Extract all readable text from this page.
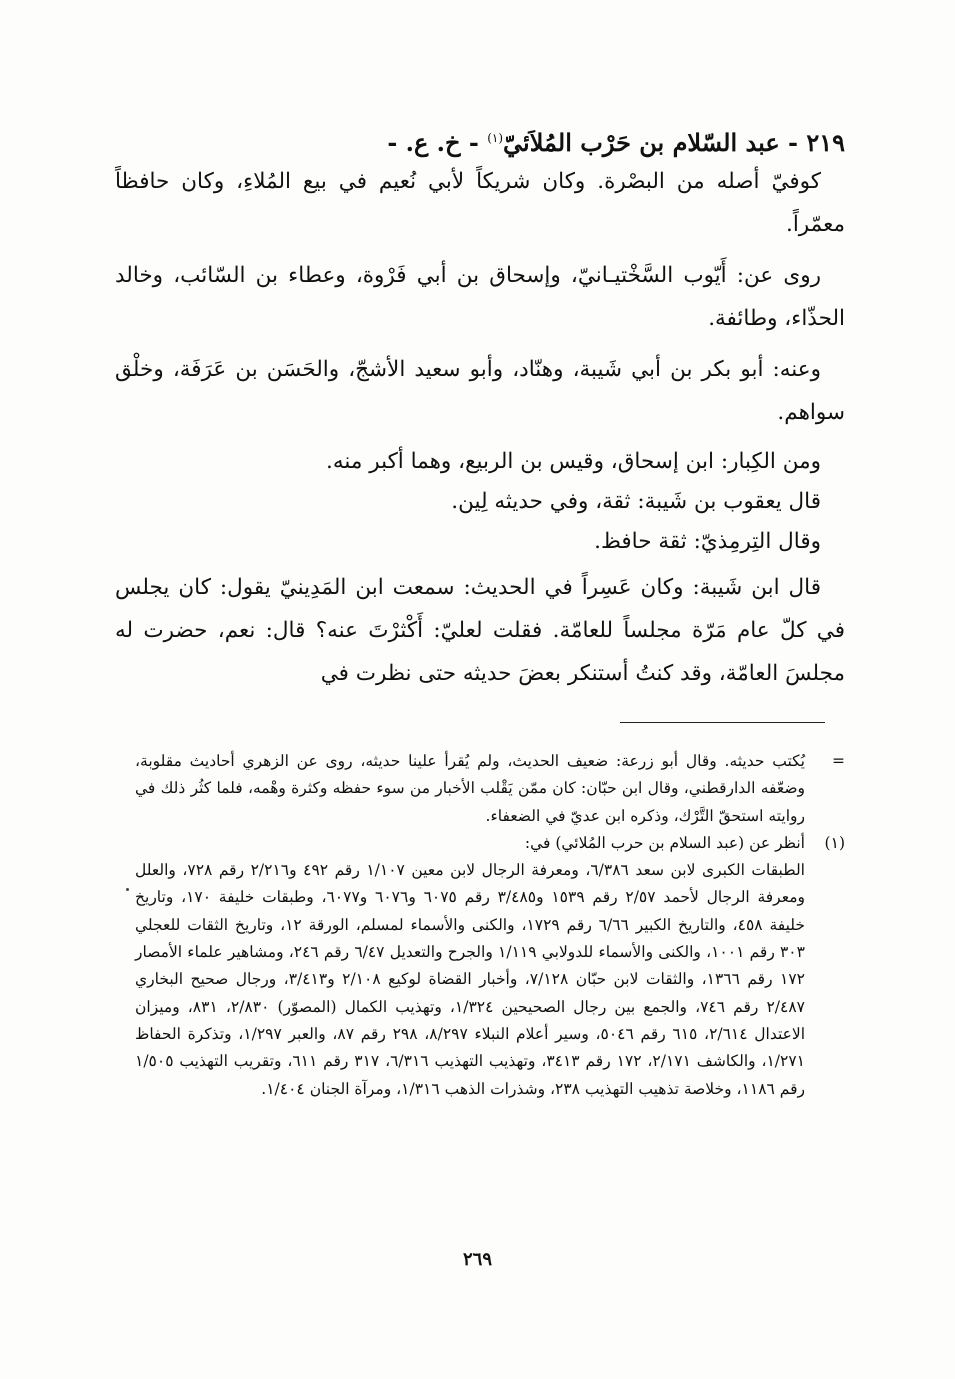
٢١٩ - عبد السّلام بن حَرْب المُلاَئيّ$^{(١)}$ - خ. ع. -

كوفيّ أصله من البصْرة. وكان شريكاً لأبي نُعيم في بيع المُلاءِ، وكان حافظاً معمّراً.

روى عن: أَيّوب السَّخْتيـانيّ، وإسحاق بن أبي فَرْوة، وعطاء بن السّائب، وخالد الحذّاء، وطائفة.

وعنه: أبو بكر بن أبي شَيبة، وهنّاد، وأبو سعيد الأشجّ، والحَسَن بن عَرَفَة، وخلْق سواهم.

ومن الكِبار: ابن إسحاق، وقيس بن الربيع، وهما أكبر منه.
قال يعقوب بن شَيبة: ثقة، وفي حديثه لِين.
وقال التِرمِذيّ: ثقة حافظ.

قال ابن شَيبة: وكان عَسِراً في الحديث: سمعت ابن المَدِينيّ يقول: كان يجلس في كلّ عام مَرّة مجلساً للعامّة. فقلت لعليّ: أَكْثرْتَ عنه؟ قال: نعم، حضرت له مجلسَ العامّة، وقد كنتُ أستنكر بعضَ حديثه حتى نظرت في

=
يُكتب حديثه. وقال أبو زرعة: ضعيف الحديث، ولم يُقرأ علينا حديثه، روى عن الزهري أحاديث مقلوبة، وضعّفه الدارقطني، وقال ابن حبّان: كان ممّن يَقْلب الأخبار من سوء حفظه وكثرة وهْمه، فلما كثُر ذلك في روايته استحقّ التَّرْك، وذكره ابن عديّ في الضعفاء.
(١)
أنظر عن (عبد السلام بن حرب المُلائي) في:
الطبقات الكبرى لابن سعد ٦/٣٨٦، ومعرفة الرجال لابن معين ١/١٠٧ رقم ٤٩٢ و٢/٢١٦ رقم ٧٢٨، والعلل ومعرفة الرجال لأحمد ٢/٥٧ رقم ١٥٣٩ و٣/٤٨٥ رقم ٦٠٧٥ و٦٠٧٦ و٦٠٧٧، وطبقات خليفة ١٧٠، وتاريخ خليفة ٤٥٨، والتاريخ الكبير ٦/٦٦ رقم ١٧٢٩، والكنى والأسماء لمسلم، الورقة ١٢، وتاريخ الثقات للعجلي ٣٠٣ رقم ١٠٠١، والكنى والأسماء للدولابي ١/١١٩ والجرح والتعديل ٦/٤٧ رقم ٢٤٦، ومشاهير علماء الأمصار ١٧٢ رقم ١٣٦٦، والثقات لابن حبّان ٧/١٢٨، وأخبار القضاة لوكيع ٢/١٠٨ و٣/٤١٣، ورجال صحيح البخاري ٢/٤٨٧ رقم ٧٤٦، والجمع بين رجال الصحيحين ١/٣٢٤، وتهذيب الكمال (المصوّر) ٢/٨٣٠، ٨٣١، وميزان الاعتدال ٢/٦١٤، ٦١٥ رقم ٥٠٤٦، وسير أعلام النبلاء ٨/٢٩٧، ٢٩٨ رقم ٨٧، والعبر ١/٢٩٧، وتذكرة الحفاظ ١/٢٧١، والكاشف ٢/١٧١، ١٧٢ رقم ٣٤١٣، وتهذيب التهذيب ٦/٣١٦، ٣١٧ رقم ٦١١، وتقريب التهذيب ١/٥٠٥ رقم ١١٨٦، وخلاصة تذهيب التهذيب ٢٣٨، وشذرات الذهب ١/٣١٦، ومرآة الجنان ١/٤٠٤.
٢٦٩
